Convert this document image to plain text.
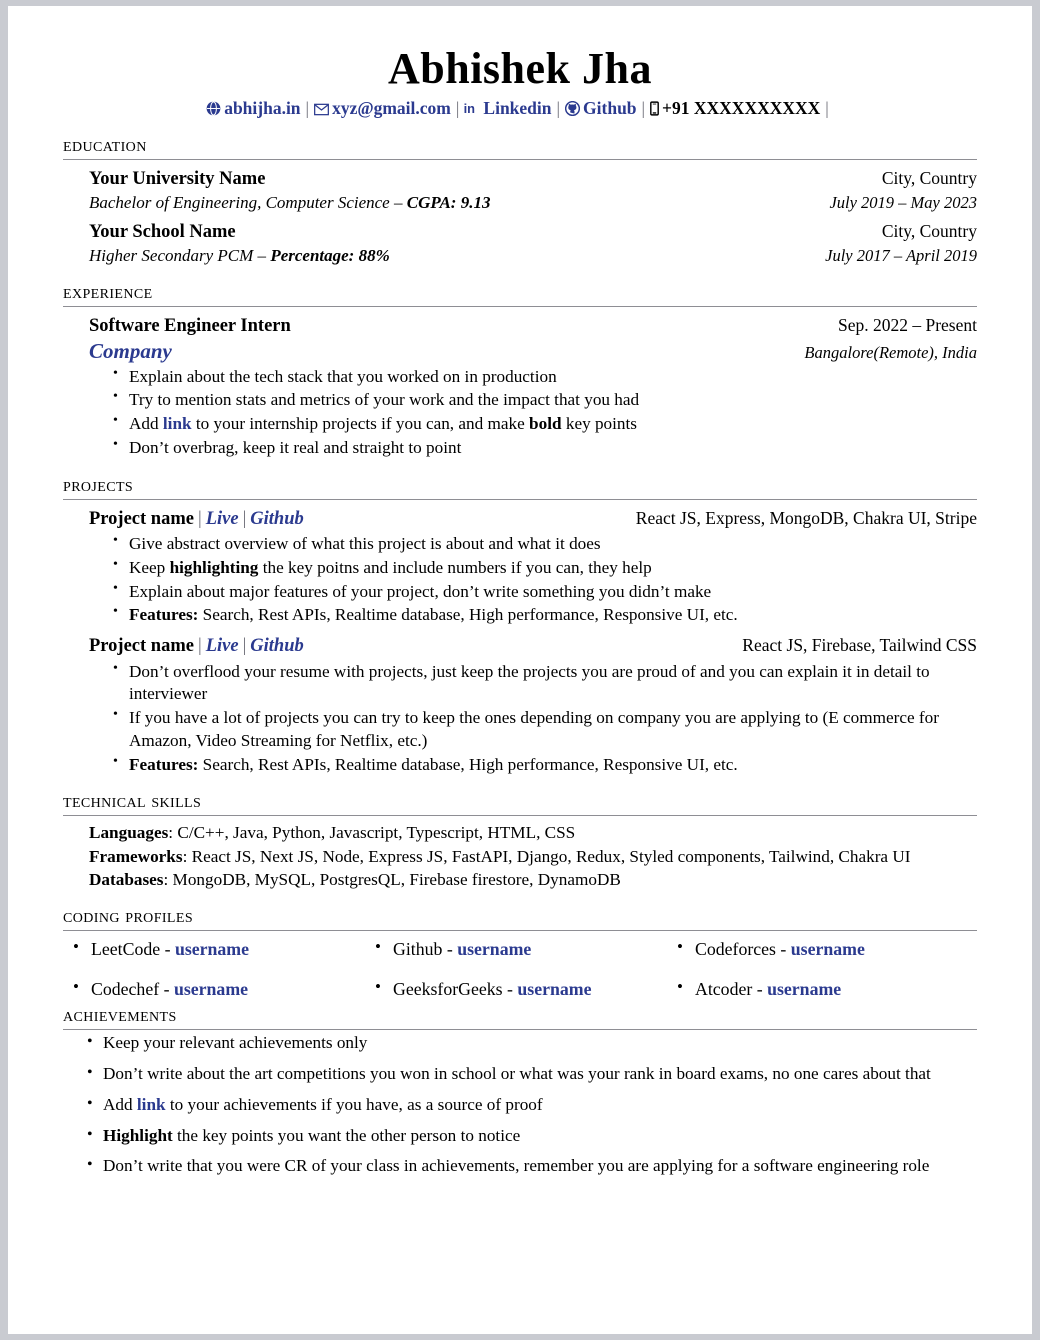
Abhishek Jha
abhijha.in | xyz@gmail.com | in Linkedin | Github | +91 XXXXXXXXXX |
education
Your University Name	City, Country
Bachelor of Engineering, Computer Science – CGPA: 9.13	July 2019 – May 2023
Your School Name	City, Country
Higher Secondary PCM – Percentage: 88%	July 2017 – April 2019
experience
Software Engineer Intern	Sep. 2022 – Present
Company	Bangalore(Remote), India
• Explain about the tech stack that you worked on in production
• Try to mention stats and metrics of your work and the impact that you had
• Add link to your internship projects if you can, and make bold key points
• Don’t overbrag, keep it real and straight to point
projects
Project name | Live | Github	React JS, Express, MongoDB, Chakra UI, Stripe
• Give abstract overview of what this project is about and what it does
• Keep highlighting the key poitns and include numbers if you can, they help
• Explain about major features of your project, don’t write something you didn’t make
• Features: Search, Rest APIs, Realtime database, High performance, Responsive UI, etc.
Project name | Live | Github	React JS, Firebase, Tailwind CSS
• Don’t overflood your resume with projects, just keep the projects you are proud of and you can explain it in detail to interviewer
• If you have a lot of projects you can try to keep the ones depending on company you are applying to (E commerce for Amazon, Video Streaming for Netflix, etc.)
• Features: Search, Rest APIs, Realtime database, High performance, Responsive UI, etc.
technical skills
Languages: C/C++, Java, Python, Javascript, Typescript, HTML, CSS
Frameworks: React JS, Next JS, Node, Express JS, FastAPI, Django, Redux, Styled components, Tailwind, Chakra UI
Databases: MongoDB, MySQL, PostgresQL, Firebase firestore, DynamoDB
coding profiles
• LeetCode - username	• Github - username	• Codeforces - username
• Codechef - username	• GeeksforGeeks - username	• Atcoder - username
achievements
• Keep your relevant achievements only
• Don’t write about the art competitions you won in school or what was your rank in board exams, no one cares about that
• Add link to your achievements if you have, as a source of proof
• Highlight the key points you want the other person to notice
• Don’t write that you were CR of your class in achievements, remember you are applying for a software engineering role
